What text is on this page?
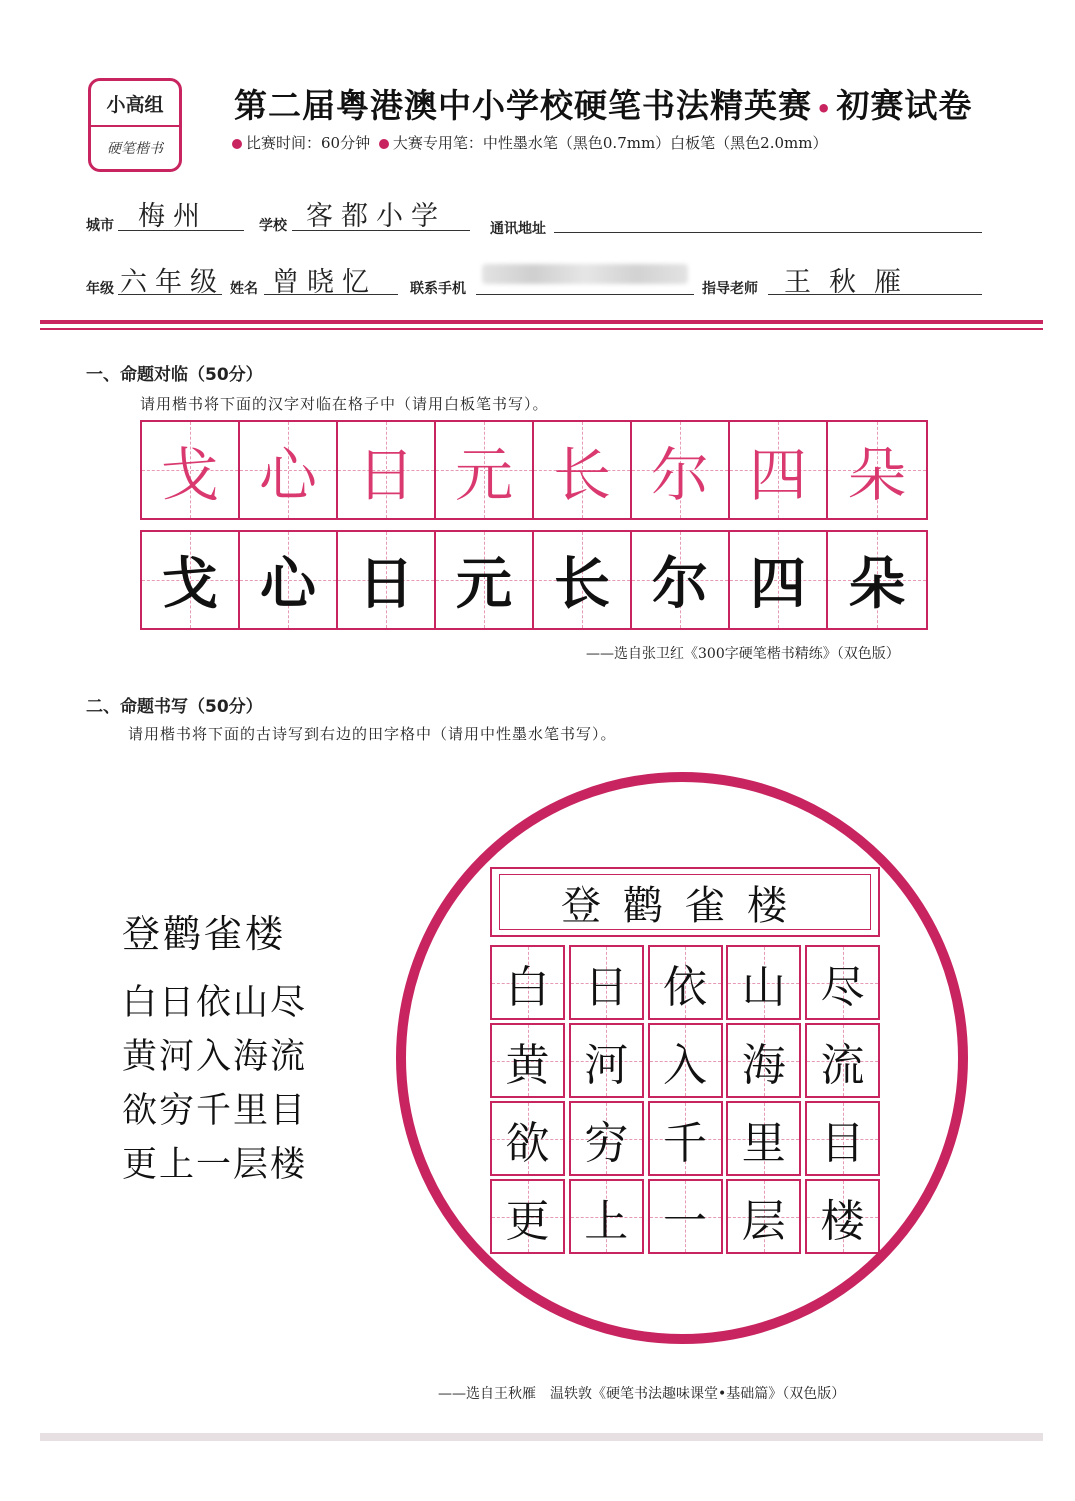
小高组
硬笔楷书
第二届粤港澳中小学校硬笔书法精英赛 • 初赛试卷
比赛时间：60分钟 大赛专用笔：中性墨水笔（黑色0.7mm）白板笔（黑色2.0mm）
城市 梅州	学校 客都小学	通讯地址
年级 六年级 姓名 曾晓忆 联系手机	指导老师 王秋雁
一、命题对临（50分）
请用楷书将下面的汉字对临在格子中（请用白板笔书写）。
戈 心 日 元 长 尔 四 朵
戈 心 日 元 长 尔 四 朵
——选自张卫红《300字硬笔楷书精练》（双色版）
二、命题书写（50分）
请用楷书将下面的古诗写到右边的田字格中（请用中性墨水笔书写）。
登鹳雀楼
白日依山尽
黄河入海流
欲穷千里目
更上一层楼
登鹳雀楼
白 日 依 山 尽
黄 河 入 海 流
欲 穷 千 里 目
更 上 一 层 楼
——选自王秋雁　温轶敦《硬笔书法趣味课堂•基础篇》（双色版）
